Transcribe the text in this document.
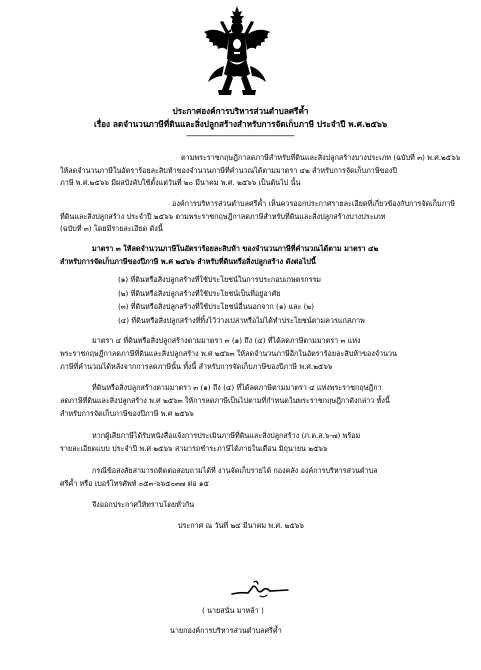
ประกาศองค์การบริหารส่วนตำบลศรีค้ำ
เรื่อง ลดจำนวนภาษีที่ดินและสิ่งปลูกสร้างสำหรับการจัดเก็บภาษี ประจำปี พ.ศ.๒๕๖๖
---------------------------------------------------------
ตามพระราชกฤษฎีกาลดภาษีสำหรับที่ดินและสิ่งปลูกสร้างบางประเภท (ฉบับที่ ๓) พ.ศ.๒๕๖๖
ให้ลดจำนวนภาษีในอัตราร้อยละสิบห้าของจำนวนภาษีที่คำนวณได้ตามมาตรา ๔๒ สำหรับการจัดเก็บภาษีของปี
ภาษี พ.ศ.๒๕๖๖ มีผลบังคับใช้ตั้งแต่วันที่ ๒๐ มีนาคม พ.ศ. ๒๕๖๖ เป็นต้นไป นั้น
องค์การบริหารส่วนตำบลศรีค้ำ เห็นควรออกประกาศรายละเอียดที่เกี่ยวข้องกับการจัดเก็บภาษี
ที่ดินและสิ่งปลูกสร้าง ประจำปี ๒๕๖๖ ตามพระราชกฤษฎีกาลดภาษีสำหรับที่ดินและสิ่งปลูกสร้างบางประเภท
(ฉบับที่ ๓) โดยมีรายละเอียด ดังนี้
มาตรา ๓ ให้ลดจำนวนภาษีในอัตราร้อยละสิบห้า ของจำนวนภาษีที่คำนวณได้ตาม มาตรา ๔๒
สำหรับการจัดเก็บภาษีของปีภาษี พ.ศ ๒๕๖๖ สำหรับที่ดินหรือสิ่งปลูกสร้าง ดังต่อไปนี้
(๑) ที่ดินหรือสิ่งปลูกสร้างที่ใช้ประโยชน์ในการประกอบเกษตรกรรม
(๒) ที่ดินหรือสิ่งปลูกสร้างที่ใช้ประโยชน์เป็นที่อยู่อาศัย
(๓) ที่ดินหรือสิ่งปลูกสร้างที่ใช้ประโยชน์อื่นนอกจาก (๑) และ (๒)
(๔) ที่ดินหรือสิ่งปลูกสร้างที่ทิ้งไว้ว่างเปล่าหรือไม่ได้ทำประโยชน์ตามควรแก่สภาพ
มาตรา ๔ ที่ดินหรือสิ่งปลูกสร้างตามมาตรา ๓ (๑) ถึง (๔) ที่ได้ลดภาษีตามมาตรา ๓ แห่ง
พระราชกฤษฎีกาลดภาษีที่ดินและสิ่งปลูกสร้าง พ.ศ ๒๕๖๓ ให้ลดจำนวนภาษีอีกในอัตราร้อยละสิบห้าของจำนวน
ภาษีที่คำนวณได้หลังจากการลดภาษีนั้น ทั้งนี้ สำหรับการจัดเก็บภาษีของปีภาษี พ.ศ.๒๕๖๖
ที่ดินหรือสิ่งปลูกสร้างตามมาตรา ๓ (๑) ถึง (๔) ที่ได้ลดภาษีตามมาตรา ๔ แห่งพระราชกฤษฎีกา
ลดภาษีที่ดินและสิ่งปลูกสร้าง พ.ศ ๒๕๖๓ ให้การลดภาษีเป็นไปตามที่กำหนดในพระราชกฤษฎีกาดังกล่าว ทั้งนี้
สำหรับการจัดเก็บภาษีของปีภาษี พ.ศ ๒๕๖๖
หากผู้เสียภาษีได้รับหนังสือแจ้งการประเมินภาษีที่ดินและสิ่งปลูกสร้าง (ภ.ด.ส.๖-๗) พร้อม
รายละเอียดแบบ ประจำปี พ.ศ ๒๕๖๖ สามารถชำระภาษีได้ภายในเดือน มิถุนายน ๒๕๖๖
กรณีข้อสงสัยสามารถติดต่อสอบถามได้ที่ งานจัดเก็บรายได้ กองคลัง องค์การบริหารส่วนตำบล
ศรีค้ำ หรือ เบอร์โทรศัพท์ ๐๕๓-๖๖๕๐๓๗ ต่อ ๑๕
จึงออกประกาศให้ทราบโดยทั่วกัน
ประกาศ ณ วันที่ ๒๔ มีนาคม พ.ศ. ๒๕๖๖
( นายสนั่น มาหล้า )
นายกองค์การบริหารส่วนตำบลศรีค้ำ
